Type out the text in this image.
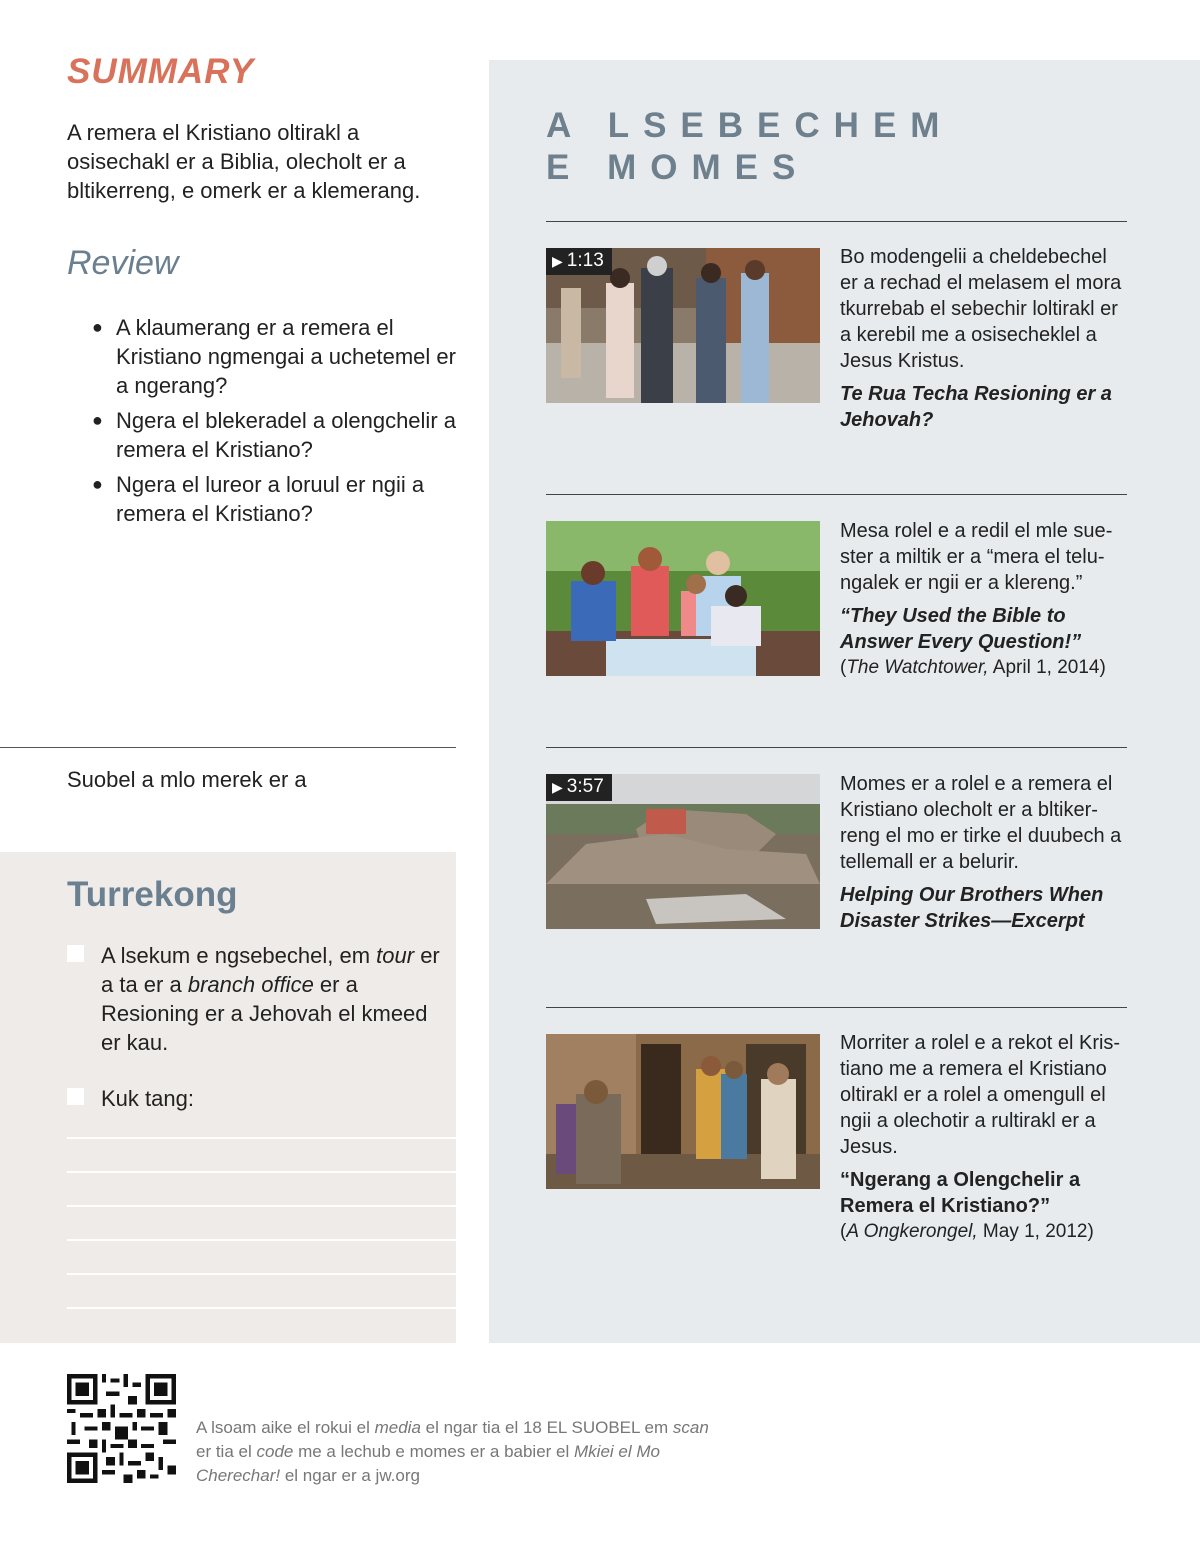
SUMMARY
A remera el Kristiano oltirakl a osisechakl er a Biblia, olecholt er a bltikerreng, e omerk er a klemerang.
Review
● A klaumerang er a remera el Kristiano ngmengai a uchetemel er a ngerang?
● Ngera el blekeradel a olengchelir a remera el Kristiano?
● Ngera el lureor a loruul er ngii a remera el Kristiano?
Suobel a mlo merek er a
Turrekong
A lsekum e ngsebechel, em tour er a ta er a branch office er a Resioning er a Jehovah el kmeed er kau.
Kuk tang:
A LSEBECHEM
E MOMES
▶ 1:13	Bo modengelii a cheldebechel er a rechad el melasem el mora tkurrebab el sebechir loltirakl er a kerebil me a osisecheklel a Jesus Kristus.
Te Rua Techa Resioning er a Jehovah?
Mesa rolel e a redil el mle suester a miltik er a “mera el telungalek er ngii er a klereng.”
“They Used the Bible to Answer Every Question!”
(The Watchtower, April 1, 2014)
▶ 3:57	Momes er a rolel e a remera el Kristiano olecholt er a bltikerreng el mo er tirke el duubech a tellemall er a belurir.
Helping Our Brothers When Disaster Strikes—Excerpt
Morriter a rolel e a rekot el Kristiano me a remera el Kristiano oltirakl er a rolel a omengull el ngii a olechotir a rultirakl er a Jesus.
“Ngerang a Olengchelir a Remera el Kristiano?”
(A Ongkerongel, May 1, 2012)
A lsoam aike el rokui el media el ngar tia el 18 EL SUOBEL em scan er tia el code me a lechub e momes er a babier el Mkiei el Mo Cherechar! el ngar er a jw.org
